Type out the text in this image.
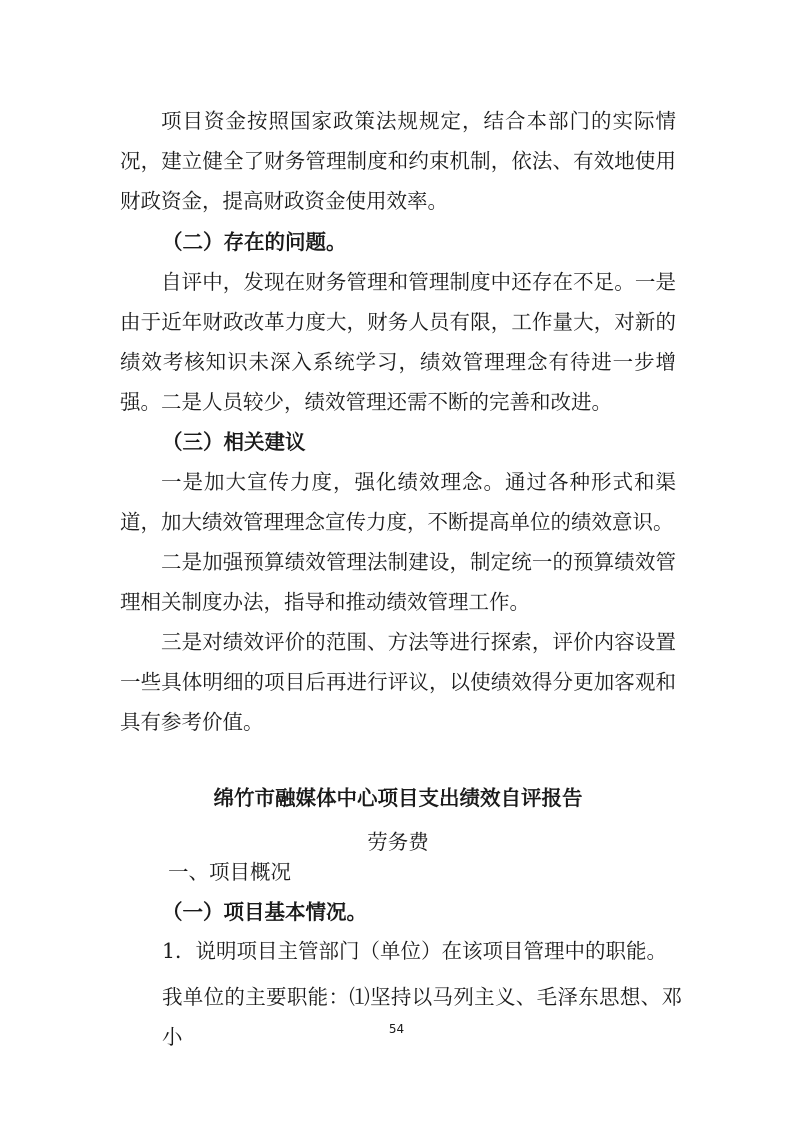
项目资金按照国家政策法规规定，结合本部门的实际情况，建立健全了财务管理制度和约束机制，依法、有效地使用财政资金，提高财政资金使用效率。
（二）存在的问题。
自评中，发现在财务管理和管理制度中还存在不足。一是由于近年财政改革力度大，财务人员有限，工作量大，对新的绩效考核知识未深入系统学习，绩效管理理念有待进一步增强。二是人员较少，绩效管理还需不断的完善和改进。
（三）相关建议
一是加大宣传力度，强化绩效理念。通过各种形式和渠道，加大绩效管理理念宣传力度，不断提高单位的绩效意识。
二是加强预算绩效管理法制建设，制定统一的预算绩效管理相关制度办法，指导和推动绩效管理工作。
三是对绩效评价的范围、方法等进行探索，评价内容设置一些具体明细的项目后再进行评议，以使绩效得分更加客观和具有参考价值。
绵竹市融媒体中心项目支出绩效自评报告
劳务费
一、项目概况
（一）项目基本情况。
1．说明项目主管部门（单位）在该项目管理中的职能。
我单位的主要职能：⑴坚持以马列主义、毛泽东思想、邓小	54
